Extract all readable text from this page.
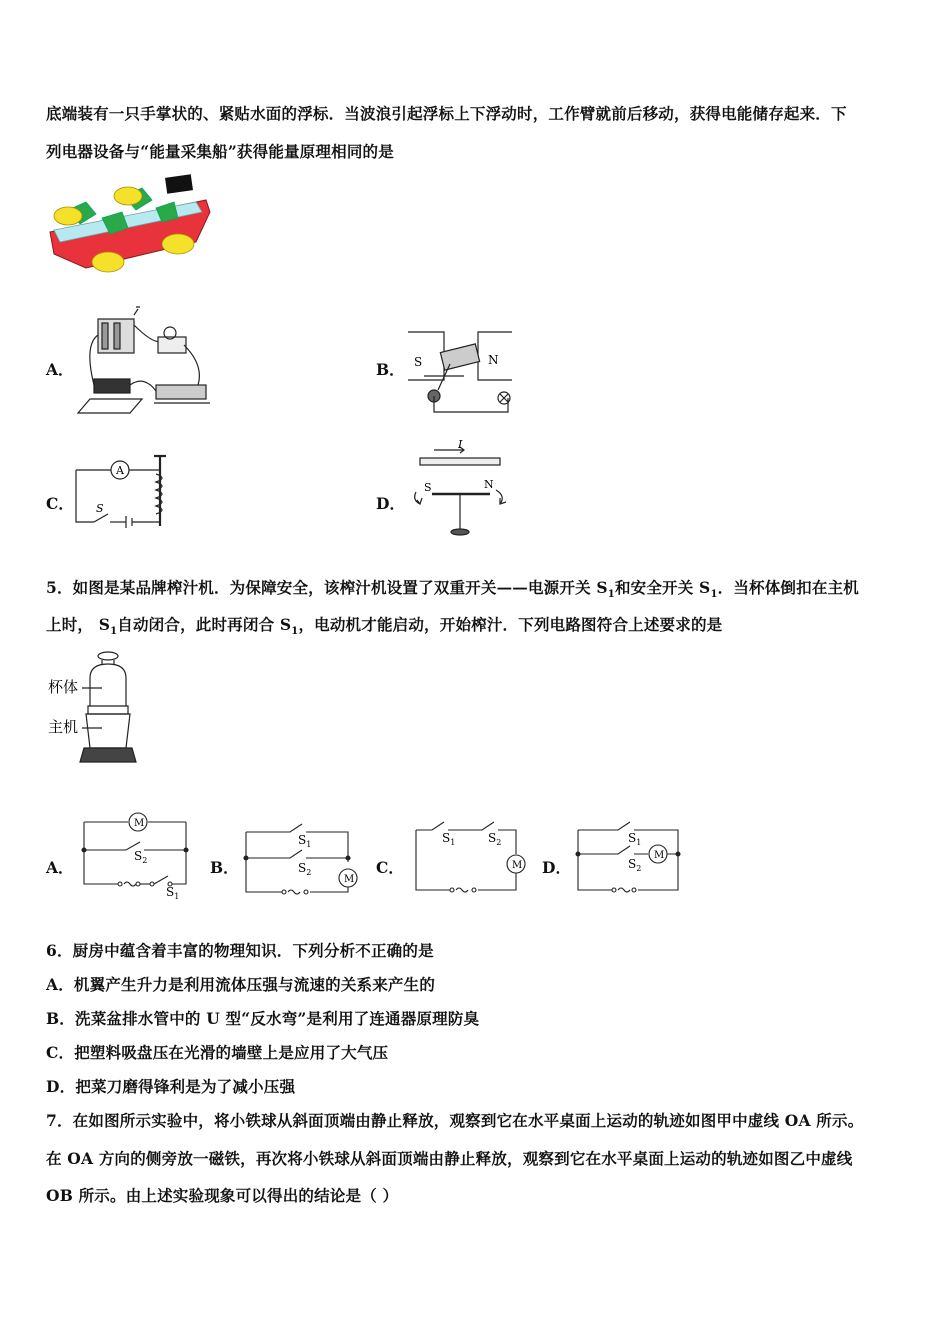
底端装有一只手掌状的、紧贴水面的浮标．当波浪引起浮标上下浮动时，工作臂就前后移动，获得电能储存起来．下
列电器设备与“能量采集船”获得能量原理相同的是
A．	B． S	N
C．
A
S	D．
I
S	N
5．如图是某品牌榨汁机．为保障安全，该榨汁机设置了双重开关——电源开关 $S_1$和安全开关 $S_1$．当杯体倒扣在主机
上时， $S_1$自动闭合，此时再闭合 $S_1$，电动机才能启动，开始榨汁．下列电路图符合上述要求的是
杯体
主机
A．
M
$S_2$
$S_1$
B．
$S_1$
$S_2$
M
C．
$S_1$	$S_2$
M D．
$S_1$
$S_2$
M
6．厨房中蕴含着丰富的物理知识．下列分析不正确的是
A．机翼产生升力是利用流体压强与流速的关系来产生的
B．洗菜盆排水管中的 U 型“反水弯”是利用了连通器原理防臭
C．把塑料吸盘压在光滑的墙壁上是应用了大气压
D．把菜刀磨得锋利是为了减小压强
7．在如图所示实验中，将小铁球从斜面顶端由静止释放，观察到它在水平桌面上运动的轨迹如图甲中虚线 OA 所示。
在 OA 方向的侧旁放一磁铁，再次将小铁球从斜面顶端由静止释放，观察到它在水平桌面上运动的轨迹如图乙中虚线
OB 所示。由上述实验现象可以得出的结论是（ ）
